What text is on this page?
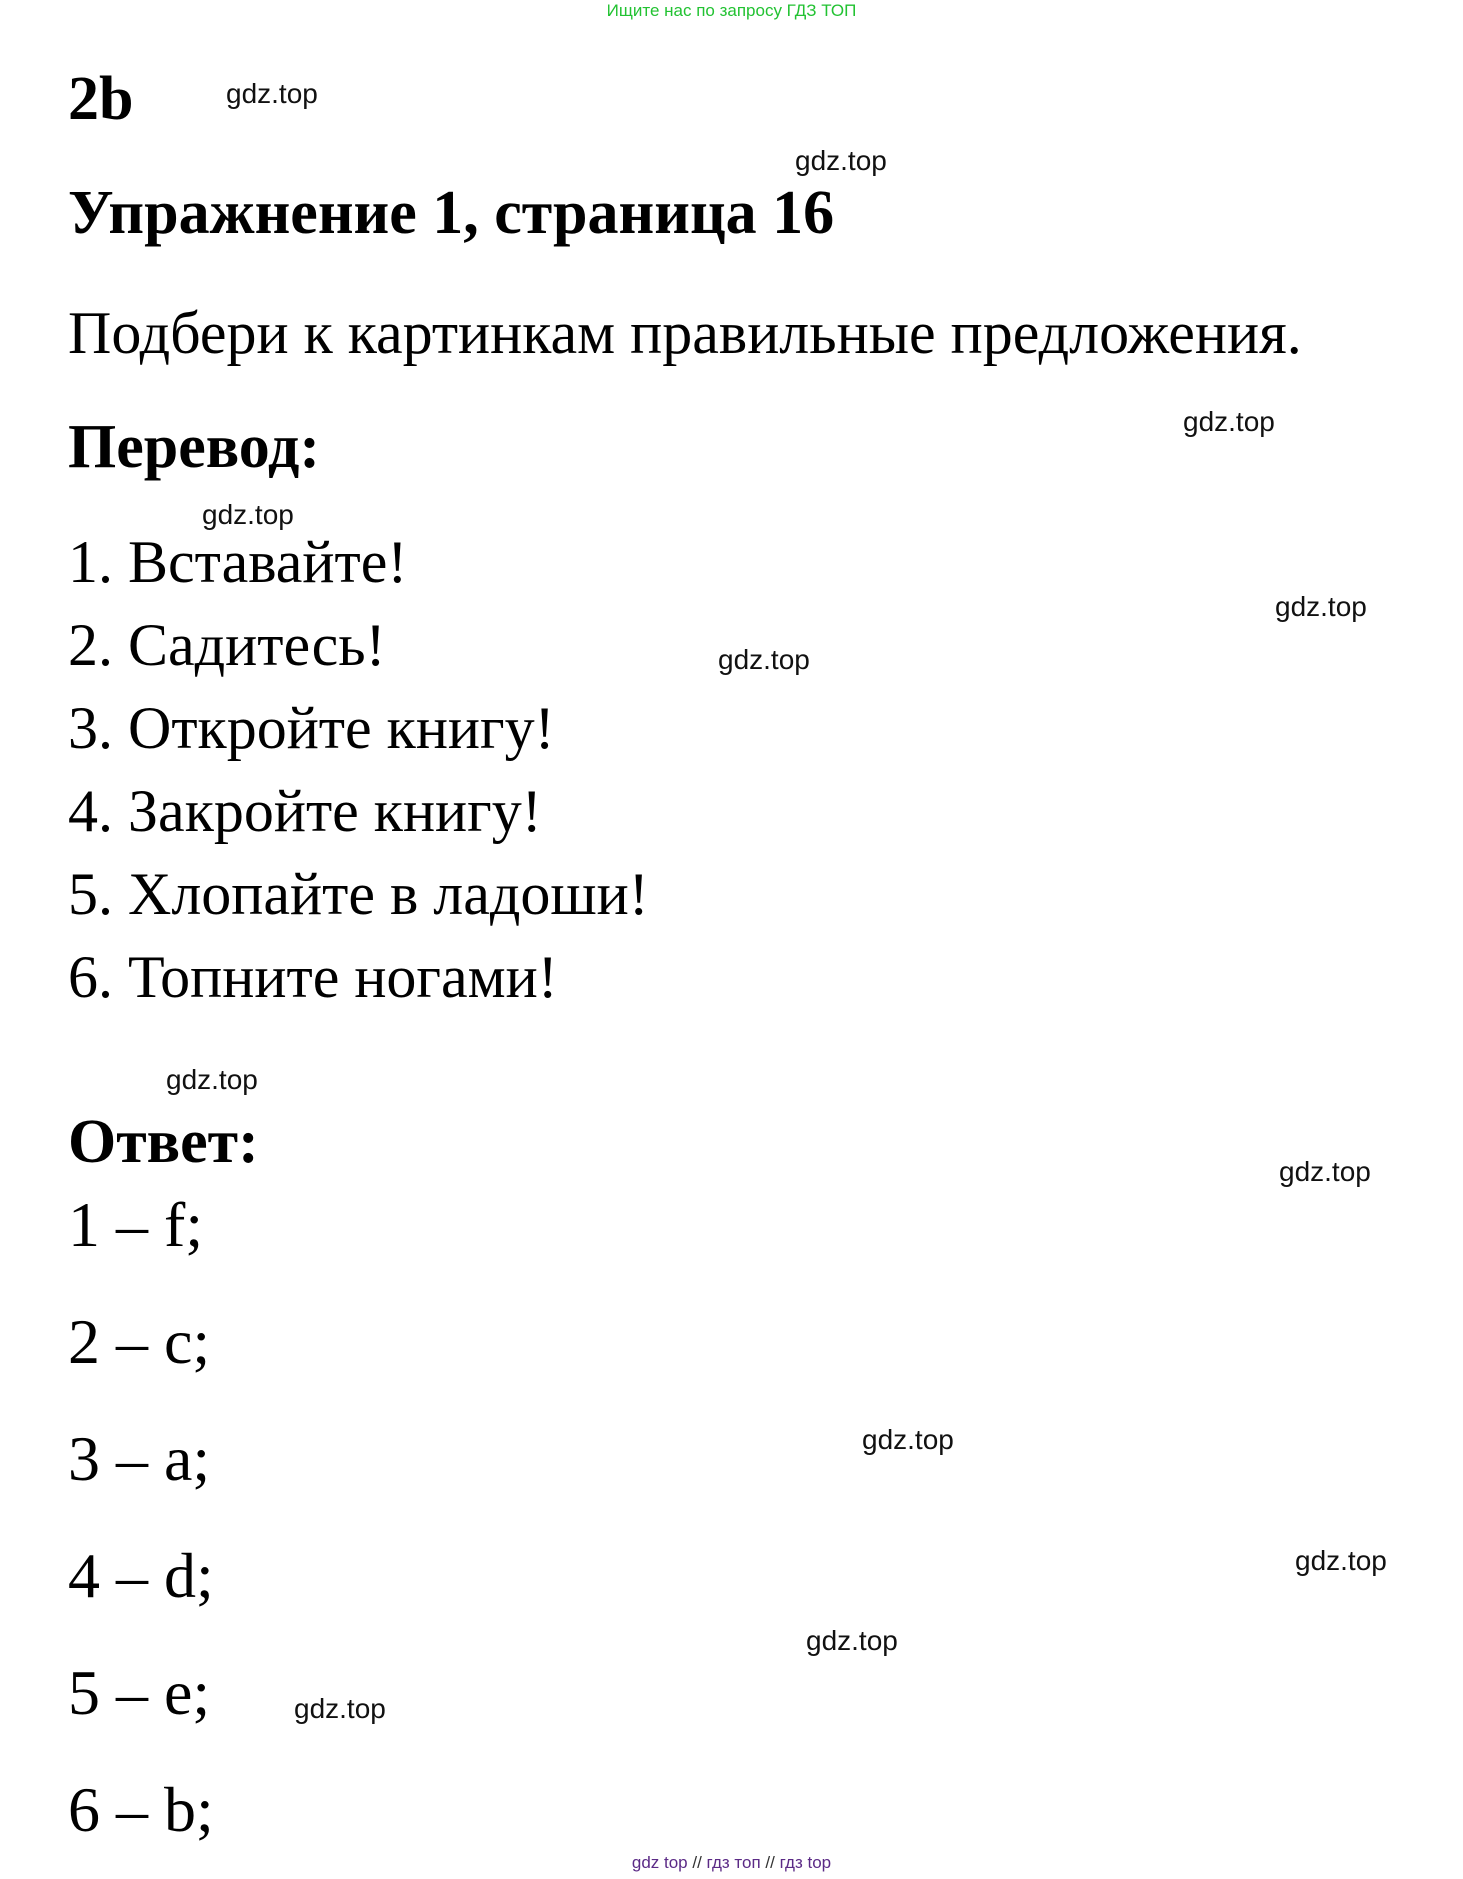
Ищите нас по запросу ГДЗ ТОП
2b	gdz.top
gdz.top
Упражнение 1, страница 16
Подбери к картинкам правильные предложения.
Перевод:	gdz.top
gdz.top
1. Вставайте!
gdz.top
2. Садитесь!	gdz.top
3. Откройте книгу!
4. Закройте книгу!
5. Хлопайте в ладоши!
6. Топните ногами!
gdz.top
Ответ:	gdz.top
1 – f;
2 – c;
gdz.top
3 – a;
gdz.top
4 – d;
gdz.top
5 – e;	gdz.top
6 – b;
gdz top // гдз топ // гдз top
